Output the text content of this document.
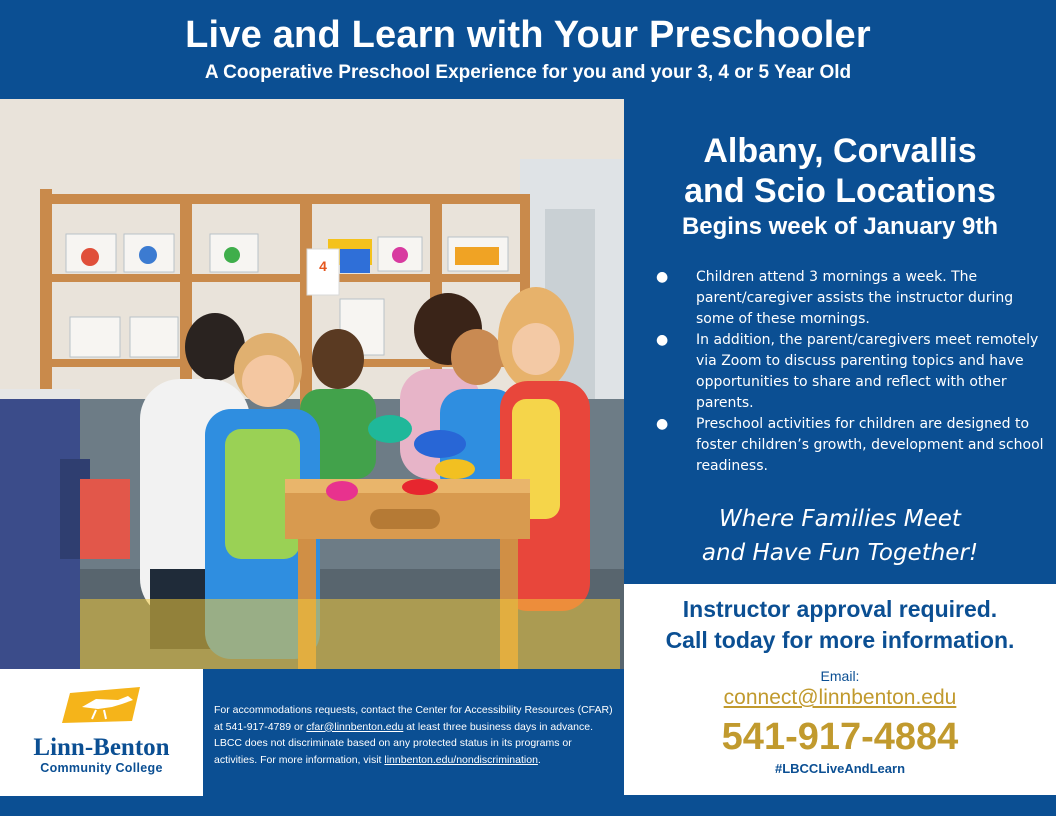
Live and Learn with Your Preschooler
A Cooperative Preschool Experience for you and your 3, 4 or 5 Year Old
4
Albany, Corvallis
and Scio Locations
Begins week of January 9th
● Children attend 3 mornings a week. The parent/caregiver assists the instructor during some of these mornings.
● In addition, the parent/caregivers meet remotely via Zoom to discuss parenting topics and have opportunities to share and reflect with other parents.
● Preschool activities for children are designed to foster children’s growth, development and school readiness.
Where Families Meet
and Have Fun Together!
Instructor approval required.
Call today for more information.
Email:
connect@linnbenton.edu
541-917-4884
#LBCCLiveAndLearn
Linn-Benton
Community College
For accommodations requests, contact the Center for Accessibility Resources (CFAR) at 541-917-4789 or cfar@linnbenton.edu at least three business days in advance. LBCC does not discriminate based on any protected status in its programs or activities. For more information, visit linnbenton.edu/nondiscrimination.
